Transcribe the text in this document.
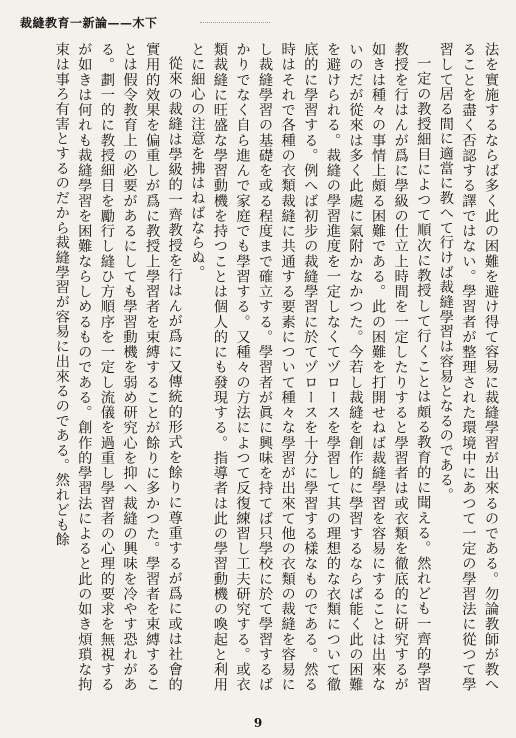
裁縫教育一新論——木下

法を實施するならば多く此の困難を避け得て容易に裁縫學習が出來るのである。勿論教師が教へることを盡く否認する譯ではない。學習者が整理された環境中にあつて一定の學習法に從つて學習して居る間に適當に教へて行けば裁縫學習は容易となるのである。

一定の教授細目によつて順次に教授して行くことは頗る教育的に聞える。然れども一齊的學習教授を行はんが爲に學級の仕立上時間を一定したりすると學習者は或衣類を徹底的に研究するが如きは種々の事情上頗る困難である。此の困難を打開せねば裁縫學習を容易にすることは出來ないのだが從來は多く此處に氣附かなかつた。今若し裁縫を創作的に學習するならば能く此の困難を避けられる。裁縫の學習進度を一定しなくてヅロースを學習して其の理想的な衣類について徹底的に學習する。例へば初步の裁縫學習に於てヅロースを十分に學習する樣なものである。然る時はそれで各種の衣類裁縫に共通する要素について種々な學習が出來て他の衣類の裁縫を容易にし裁縫學習の基礎を或る程度まで確立する。學習者が眞に興味を持てば只學校に於て學習するばかりでなく自ら進んで家庭でも學習する。又種々の方法によつて反復練習し工夫研究する。或衣類裁縫に旺盛な學習動機を持つことは個人的にも發現する。指導者は此の學習動機の喚起と利用とに細心の注意を拂はねばならぬ。

從來の裁縫は學級的一齊教授を行はんが爲に又傳統的形式を餘りに尊重するが爲に或は社會的實用的效果を偏重しが爲に教授上學習者を束縛することが餘りに多かつた。學習者を束縛することは假令教育上の必要があるにしても學習動機を弱め研究心を抑へ裁縫の興味を冷やす恐れがある。劃一的に教授細目を勵行し縫ひ方順序を一定し流儀を過重し學習者の心理的要求を無視するが如きは何れも裁縫學習を困難ならしめるものである。創作的學習法によると此の如き煩瑣な拘束は事ろ有害とするのだから裁縫學習が容易に出來るのである。然れども餘

9
